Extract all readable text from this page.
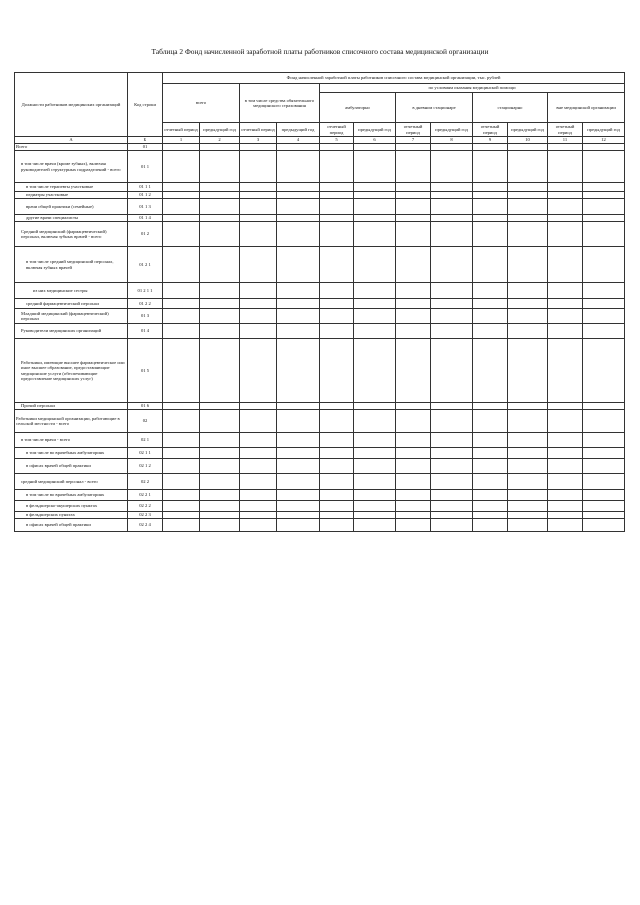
Таблица 2 Фонд начисленной заработной платы работников списочного состава медицинской организации
Должности работников медицинских организаций	Код строки	Фонд начисленной заработной платы работников списочного состава медицинской организации, тыс. рублей											
		всего		в том числе средства обязательного медицинского страхования		по условиям оказания медицинской помощи							
						амбулаторно		в дневном стационаре		стационарно		вне медицинской организации	
		отчетный период	предыдущий год	отчетный период	предыдущий год	отчетный период	предыдущий год	отчетный период	предыдущий год	отчетный период	предыдущий год	отчетный период	предыдущий год
А	Б	1	2	3	4	5	6	7	8	9	10	11	12
Всего	01												
в том числе врачи (кроме зубных), включая руководителей структурных подразделений - всего	01 1												
в том числе терапевты участковые	01 1 1												
педиатры участковые	01 1 2												
врачи общей практики (семейные)	01 1 3												
другие врачи специалисты	01 1 4												
Средний медицинский (фармацевтический) персонал, включая зубных врачей - всего	01 2												
в том числе средний медицинский персонал, включая зубных врачей	01 2 1												
из них медицинские сестры	01 2 1 1												
средний фармацевтический персонал	01 2 2												
Младший медицинский (фармацевтический) персонал	01 3												
Руководители медицинских организаций	01 4												
Работники, имеющие высшее фармацевтическое или иное высшее образование, предоставляющие медицинские услуги (обеспечивающие предоставление медицинских услуг)	01 5												
Прочий персонал	01 6												
Работники медицинской организации, работающие в сельской местности - всего	02												
в том числе врачи - всего	02 1												
в том числе во врачебных амбулаториях	02 1 1												
в офисах врачей общей практики	02 1 2												
средний медицинский персонал - всего	02 2												
в том числе во врачебных амбулаториях	02 2 1												
в фельдшерско-акушерских пунктах	02 2 2												
в фельдшерских пунктах	02 2 3												
в офисах врачей общей практики	02 2 4												
